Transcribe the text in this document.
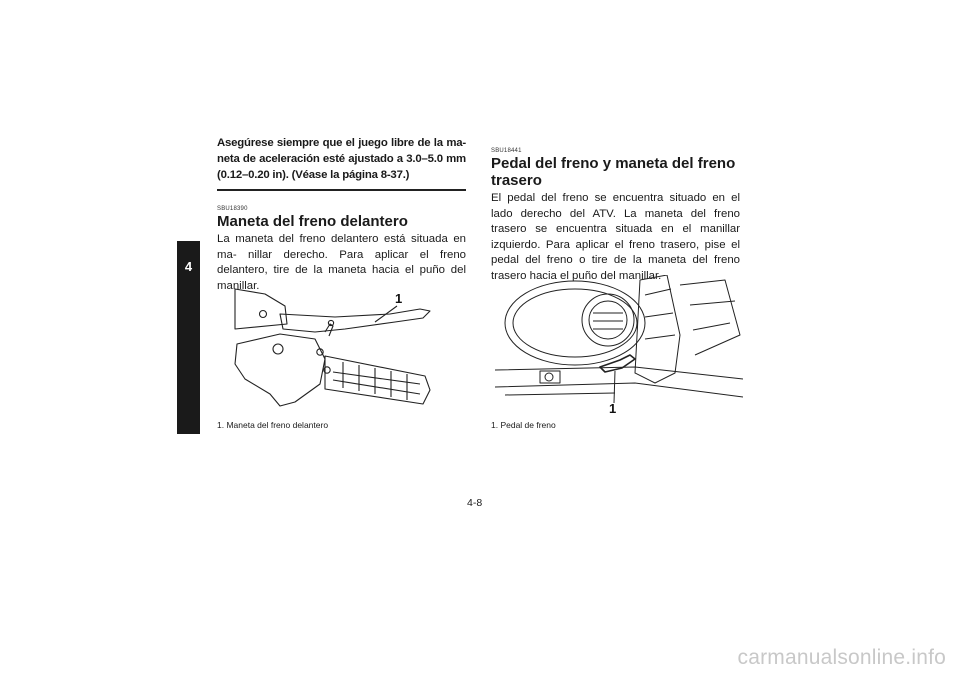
4
Asegúrese siempre que el juego libre de la ma- neta de aceleración esté ajustado a 3.0–5.0 mm (0.12–0.20 in). (Véase la página 8-37.)
SBU18390
Maneta del freno delantero
La maneta del freno delantero está situada en ma- nillar derecho. Para aplicar el freno delantero, tire de la maneta hacia el puño del manillar.
1
1. Maneta del freno delantero
SBU18441
Pedal del freno y maneta del freno
trasero
El pedal del freno se encuentra situado en el lado derecho del ATV. La maneta del freno trasero se encuentra situada en el manillar izquierdo. Para aplicar el freno trasero, pise el pedal del freno o tire de la maneta del freno trasero hacia el puño del manillar.
1
1. Pedal de freno
4-8
carmanualsonline.info
